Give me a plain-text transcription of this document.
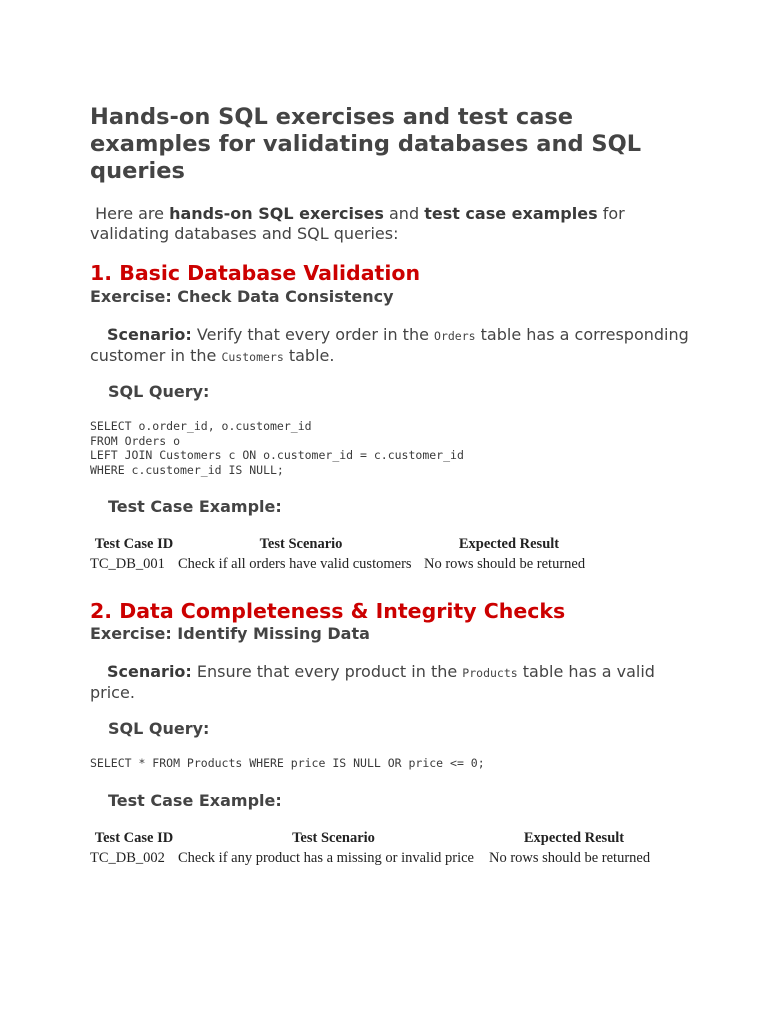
Hands-on SQL exercises and test case examples for validating databases and SQL queries

Here are hands-on SQL exercises and test case examples for validating databases and SQL queries:

1. Basic Database Validation
Exercise: Check Data Consistency

Scenario: Verify that every order in the Orders table has a corresponding customer in the Customers table.

SQL Query:
SELECT o.order_id, o.customer_id
FROM Orders o
LEFT JOIN Customers c ON o.customer_id = c.customer_id
WHERE c.customer_id IS NULL;
Test Case Example:
Test Case ID	Test Scenario	Expected Result
TC_DB_001	Check if all orders have valid customers	No rows should be returned
2. Data Completeness & Integrity Checks
Exercise: Identify Missing Data

Scenario: Ensure that every product in the Products table has a valid price.

SQL Query:
SELECT * FROM Products WHERE price IS NULL OR price <= 0;
Test Case Example:
Test Case ID	Test Scenario	Expected Result
TC_DB_002	Check if any product has a missing or invalid price	No rows should be returned
